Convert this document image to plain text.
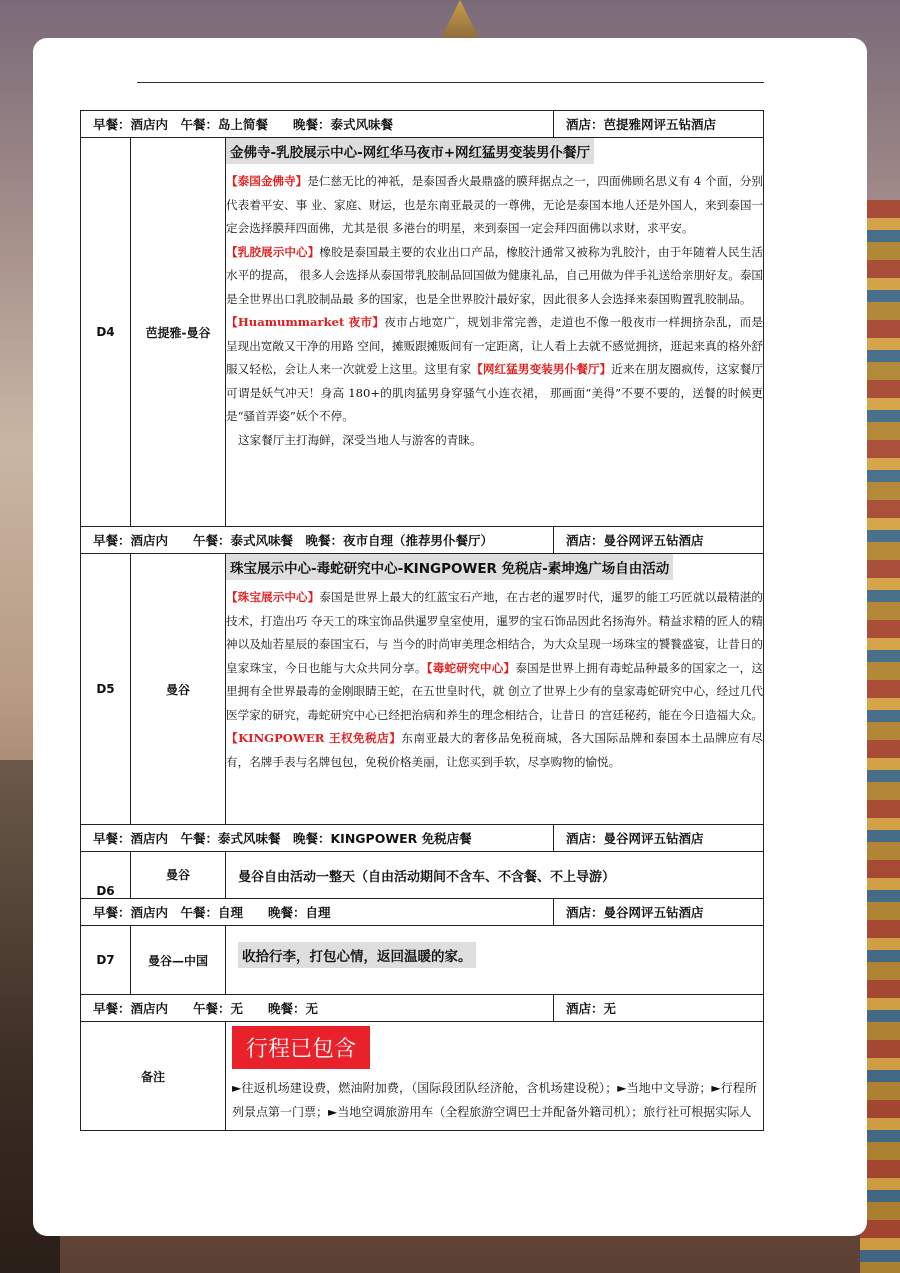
早餐：酒店内　午餐：岛上简餐　　晚餐：泰式风味餐			酒店：芭提雅网评五钻酒店
D4	芭提雅-曼谷	金佛寺-乳胶展示中心-网红华马夜市+网红猛男变装男仆餐厅

【泰国金佛寺】是仁慈无比的神祇，是泰国香火最鼎盛的膜拜据点之一，四面佛顾名思义有 4 个面，分别代表着平安、事 业、家庭、财运，也是东南亚最灵的一尊佛，无论是泰国本地人还是外国人，来到泰国一定会选择膜拜四面佛，尤其是很 多港台的明星，来到泰国一定会拜四面佛以求财，求平安。

【乳胶展示中心】橡胶是泰国最主要的农业出口产品，橡胶汁通常又被称为乳胶汁，由于年随着人民生活水平的提高， 很多人会选择从泰国带乳胶制品回国做为健康礼品，自己用做为伴手礼送给亲朋好友。泰国是全世界出口乳胶制品最 多的国家，也是全世界胶汁最好家，因此很多人会选择来泰国购置乳胶制品。

【Huamummarket 夜市】夜市占地宽广，规划非常完善，走道也不像一般夜市一样拥挤杂乱，而是呈现出宽敞又干净的用路 空间，摊贩跟摊贩间有一定距离，让人看上去就不感觉拥挤，逛起来真的格外舒服又轻松，会让人来一次就爱上这里。这里有家【网红猛男变装男仆餐厅】近来在朋友圈疯传，这家餐厅可谓是妖气冲天！身高 180+的肌肉猛男身穿骚气小连衣裙， 那画面“美得”不要不要的，送餐的时候更是“骚首弄姿”妖个不停。

这家餐厅主打海鲜，深受当地人与游客的青睐。	

早餐：酒店内　　午餐：泰式风味餐　晚餐：夜市自理（推荐男仆餐厅）			酒店：曼谷网评五钻酒店
D5	曼谷	珠宝展示中心-毒蛇研究中心-KINGPOWER 免税店-素坤逸广场自由活动

【珠宝展示中心】泰国是世界上最大的红蓝宝石产地，在古老的暹罗时代，暹罗的能工巧匠就以最精湛的技术，打造出巧 夺天工的珠宝饰品供暹罗皇室使用，暹罗的宝石饰品因此名扬海外。精益求精的匠人的精神以及灿若星辰的泰国宝石，与 当今的时尚审美理念相结合，为大众呈现一场珠宝的饕餮盛宴，让昔日的皇家珠宝，今日也能与大众共同分享。【毒蛇研究中心】泰国是世界上拥有毒蛇品种最多的国家之一，这里拥有全世界最毒的金刚眼睛王蛇，在五世皇时代，就 创立了世界上少有的皇家毒蛇研究中心，经过几代医学家的研究，毒蛇研究中心已经把治病和养生的理念相结合，让昔日 的宫廷秘药，能在今日造福大众。

【KINGPOWER 王权免税店】东南亚最大的奢侈品免税商城，各大国际品牌和泰国本土品牌应有尽有，名牌手表与名牌包包，免税价格美丽，让您买到手软，尽享购物的愉悦。	

早餐：酒店内　午餐：泰式风味餐　晚餐：KINGPOWER 免税店餐			酒店：曼谷网评五钻酒店
D6	曼谷	曼谷自由活动一整天（自由活动期间不含车、不含餐、不上导游）	
早餐：酒店内　午餐：自理　　晚餐：自理			酒店：曼谷网评五钻酒店
D7	曼谷—中国	收拾行李，打包心情，返回温暖的家。	
早餐：酒店内　　午餐：无　　晚餐：无			酒店：无
备注		行程已包含

►往返机场建设费，燃油附加费，（国际段团队经济舱，含机场建设税）；►当地中文导游；►行程所列景点第一门票；►当地空调旅游用车（全程旅游空调巴士并配备外籍司机）；旅行社可根据实际人	
